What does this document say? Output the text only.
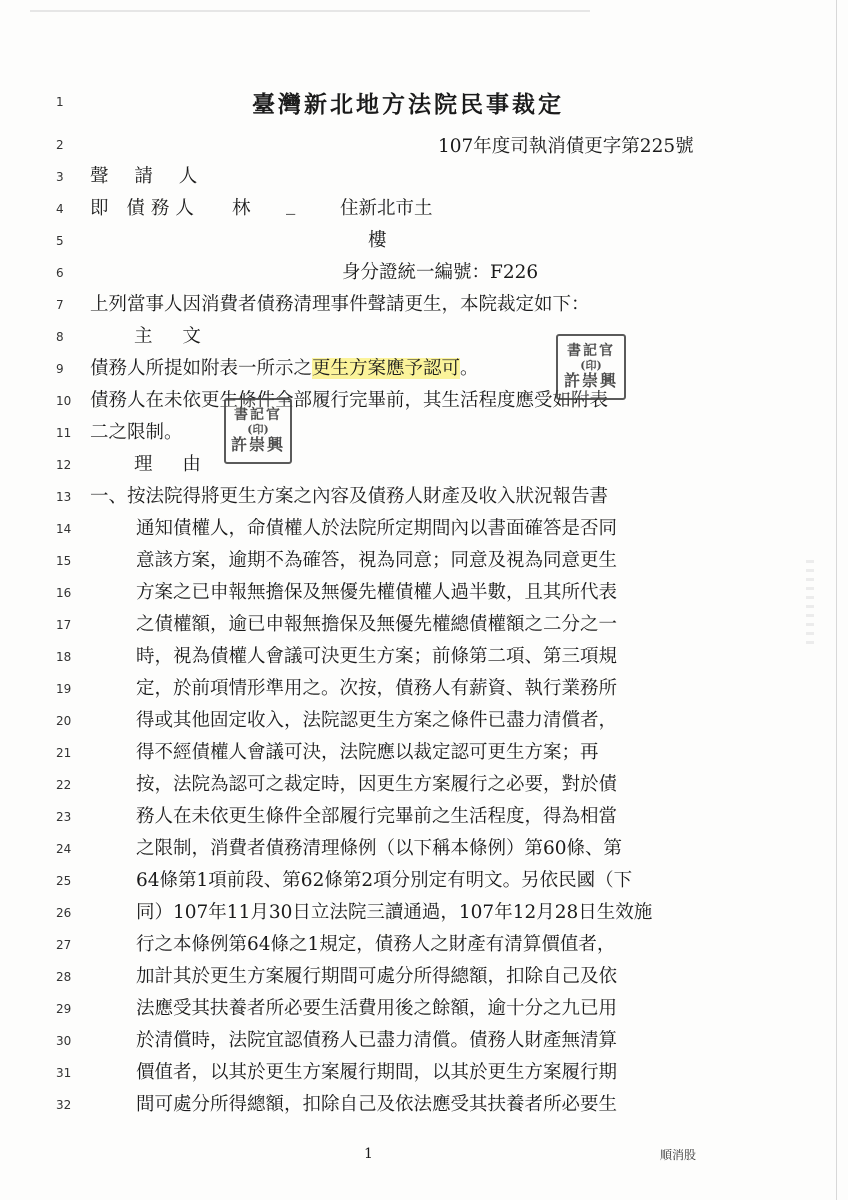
1
2
3
4
5
6
7
8
9
10
11
12
13
14
15
16
17
18
19
20
21
22
23
24
25
26
27
28
29
30
31
32
臺灣新北地方法院民事裁定
107年度司執消債更字第225號
聲 請 人
即 債務人 林 _ 住新北市土
樓
身分證統一編號：F226
上列當事人因消費者債務清理事件聲請更生，本院裁定如下：
主 文
債務人所提如附表一所示之更生方案應予認可。
債務人在未依更生條件全部履行完畢前，其生活程度應受如附表
二之限制。
書記官
(印)
許崇興
書記官
(印)
許崇興
理 由
一、按法院得將更生方案之內容及債務人財產及收入狀況報告書
通知債權人，命債權人於法院所定期間內以書面確答是否同
意該方案，逾期不為確答，視為同意；同意及視為同意更生
方案之已申報無擔保及無優先權債權人過半數，且其所代表
之債權額，逾已申報無擔保及無優先權總債權額之二分之一
時，視為債權人會議可決更生方案；前條第二項、第三項規
定，於前項情形準用之。次按，債務人有薪資、執行業務所
得或其他固定收入，法院認更生方案之條件已盡力清償者，
得不經債權人會議可決，法院應以裁定認可更生方案；再
按，法院為認可之裁定時，因更生方案履行之必要，對於債
務人在未依更生條件全部履行完畢前之生活程度，得為相當
之限制，消費者債務清理條例（以下稱本條例）第60條、第
64條第1項前段、第62條第2項分別定有明文。另依民國（下
同）107年11月30日立法院三讀通過，107年12月28日生效施
行之本條例第64條之1規定，債務人之財產有清算價值者，
加計其於更生方案履行期間可處分所得總額，扣除自己及依
法應受其扶養者所必要生活費用後之餘額，逾十分之九已用
於清償時，法院宜認債務人已盡力清償。債務人財產無清算
價值者，以其於更生方案履行期間，以其於更生方案履行期
間可處分所得總額，扣除自己及依法應受其扶養者所必要生
1	順消股
